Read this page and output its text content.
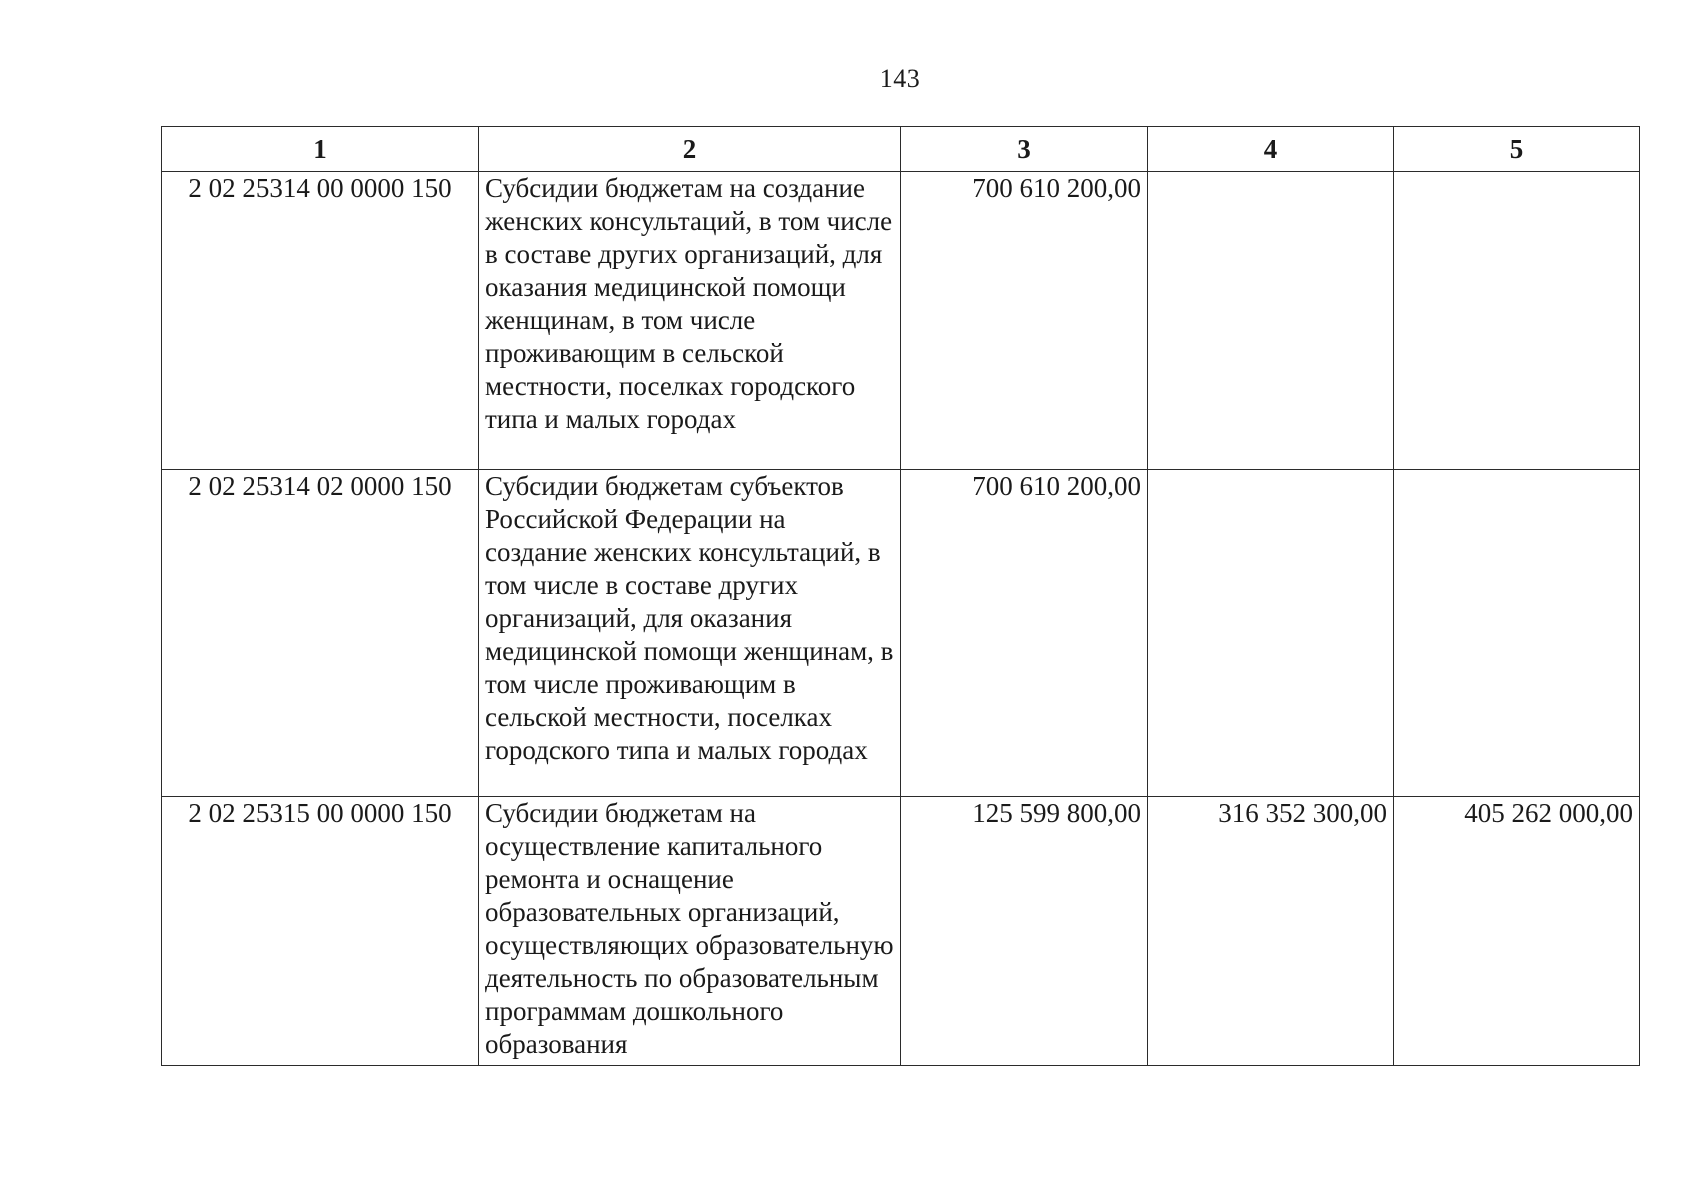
143
1	2	3	4	5
2 02 25314 00 0000 150	Субсидии бюджетам на создание женских консультаций, в том числе в составе других организаций, для оказания медицинской помощи женщинам, в том числе проживающим в сельской местности, поселках городского типа и малых городах	700 610 200,00		
2 02 25314 02 0000 150	Субсидии бюджетам субъектов Российской Федерации на создание женских консультаций, в том числе в составе других организаций, для оказания медицинской помощи женщинам, в том числе проживающим в сельской местности, поселках городского типа и малых городах	700 610 200,00		
2 02 25315 00 0000 150	Субсидии бюджетам на осуществление капитального ремонта и оснащение образовательных организаций, осуществляющих образовательную деятельность по образовательным программам дошкольного образования	125 599 800,00	316 352 300,00	405 262 000,00
